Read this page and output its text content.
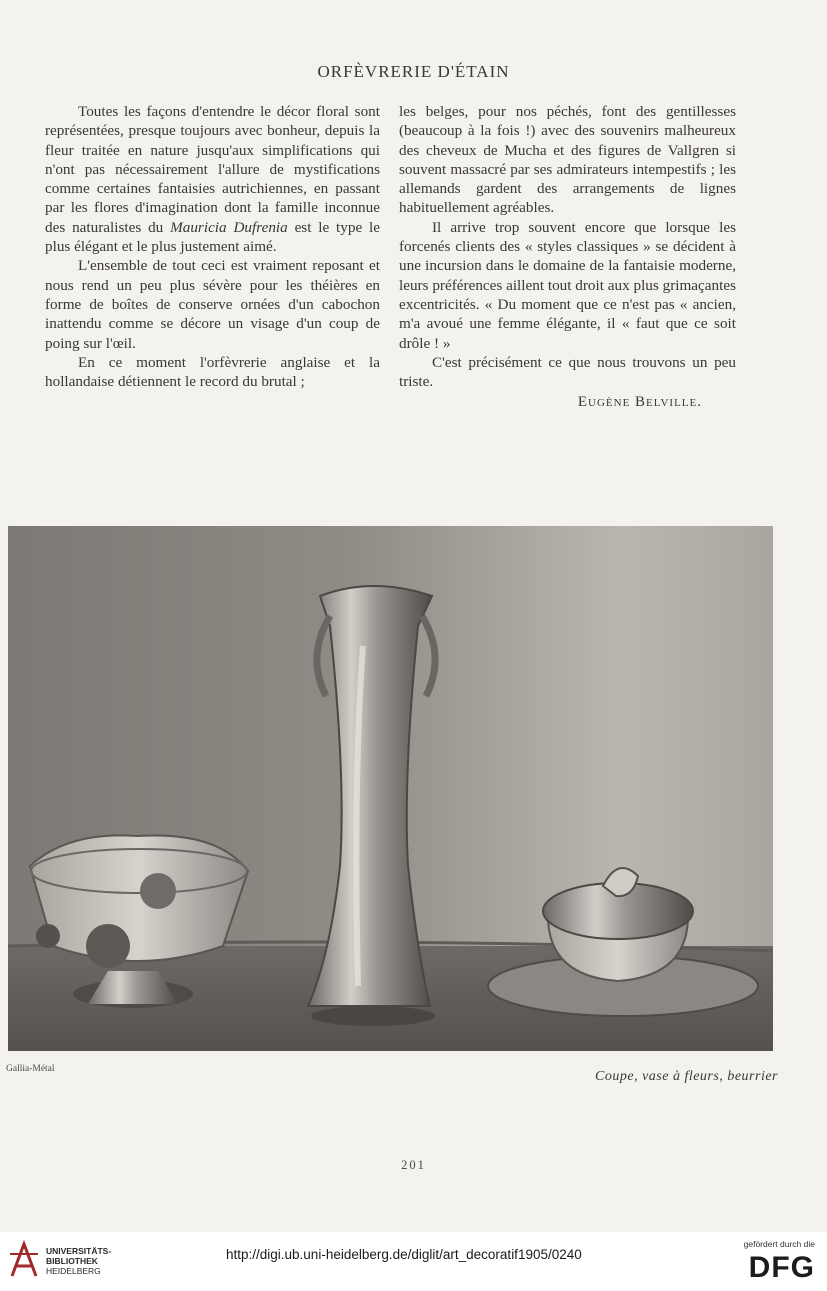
ORFÈVRERIE D'ÉTAIN

Toutes les façons d'entendre le décor floral sont représentées, presque toujours avec bonheur, depuis la fleur traitée en nature jusqu'aux simplifications qui n'ont pas nécessairement l'allure de mystifications comme certaines fantaisies autrichiennes, en passant par les flores d'imagination dont la famille inconnue des naturalistes du Mauricia Dufrenia est le type le plus élégant et le plus justement aimé.

L'ensemble de tout ceci est vraiment reposant et nous rend un peu plus sévère pour les théières en forme de boîtes de conserve ornées d'un cabochon inattendu comme se décore un visage d'un coup de poing sur l'œil.

En ce moment l'orfèvrerie anglaise et la hollandaise détiennent le record du brutal ;

les belges, pour nos péchés, font des gentillesses (beaucoup à la fois !) avec des souvenirs malheureux des cheveux de Mucha et des figures de Vallgren si souvent massacré par ses admirateurs intempestifs ; les allemands gardent des arrangements de lignes habituellement agréables.

Il arrive trop souvent encore que lorsque les forcenés clients des « styles classiques » se décident à une incursion dans le domaine de la fantaisie moderne, leurs préférences aillent tout droit aux plus grimaçantes excentricités. « Du moment que ce n'est pas « ancien, m'a avoué une femme élégante, il « faut que ce soit drôle ! »

C'est précisément ce que nous trouvons un peu triste.

Eugène Belville.
Gallia-Métal	Coupe, vase à fleurs, beurrier
201
UNIVERSITÄTS-
BIBLIOTHEK
HEIDELBERG
http://digi.ub.uni-heidelberg.de/diglit/art_decoratif1905/0240
gefördert durch die
DFG
